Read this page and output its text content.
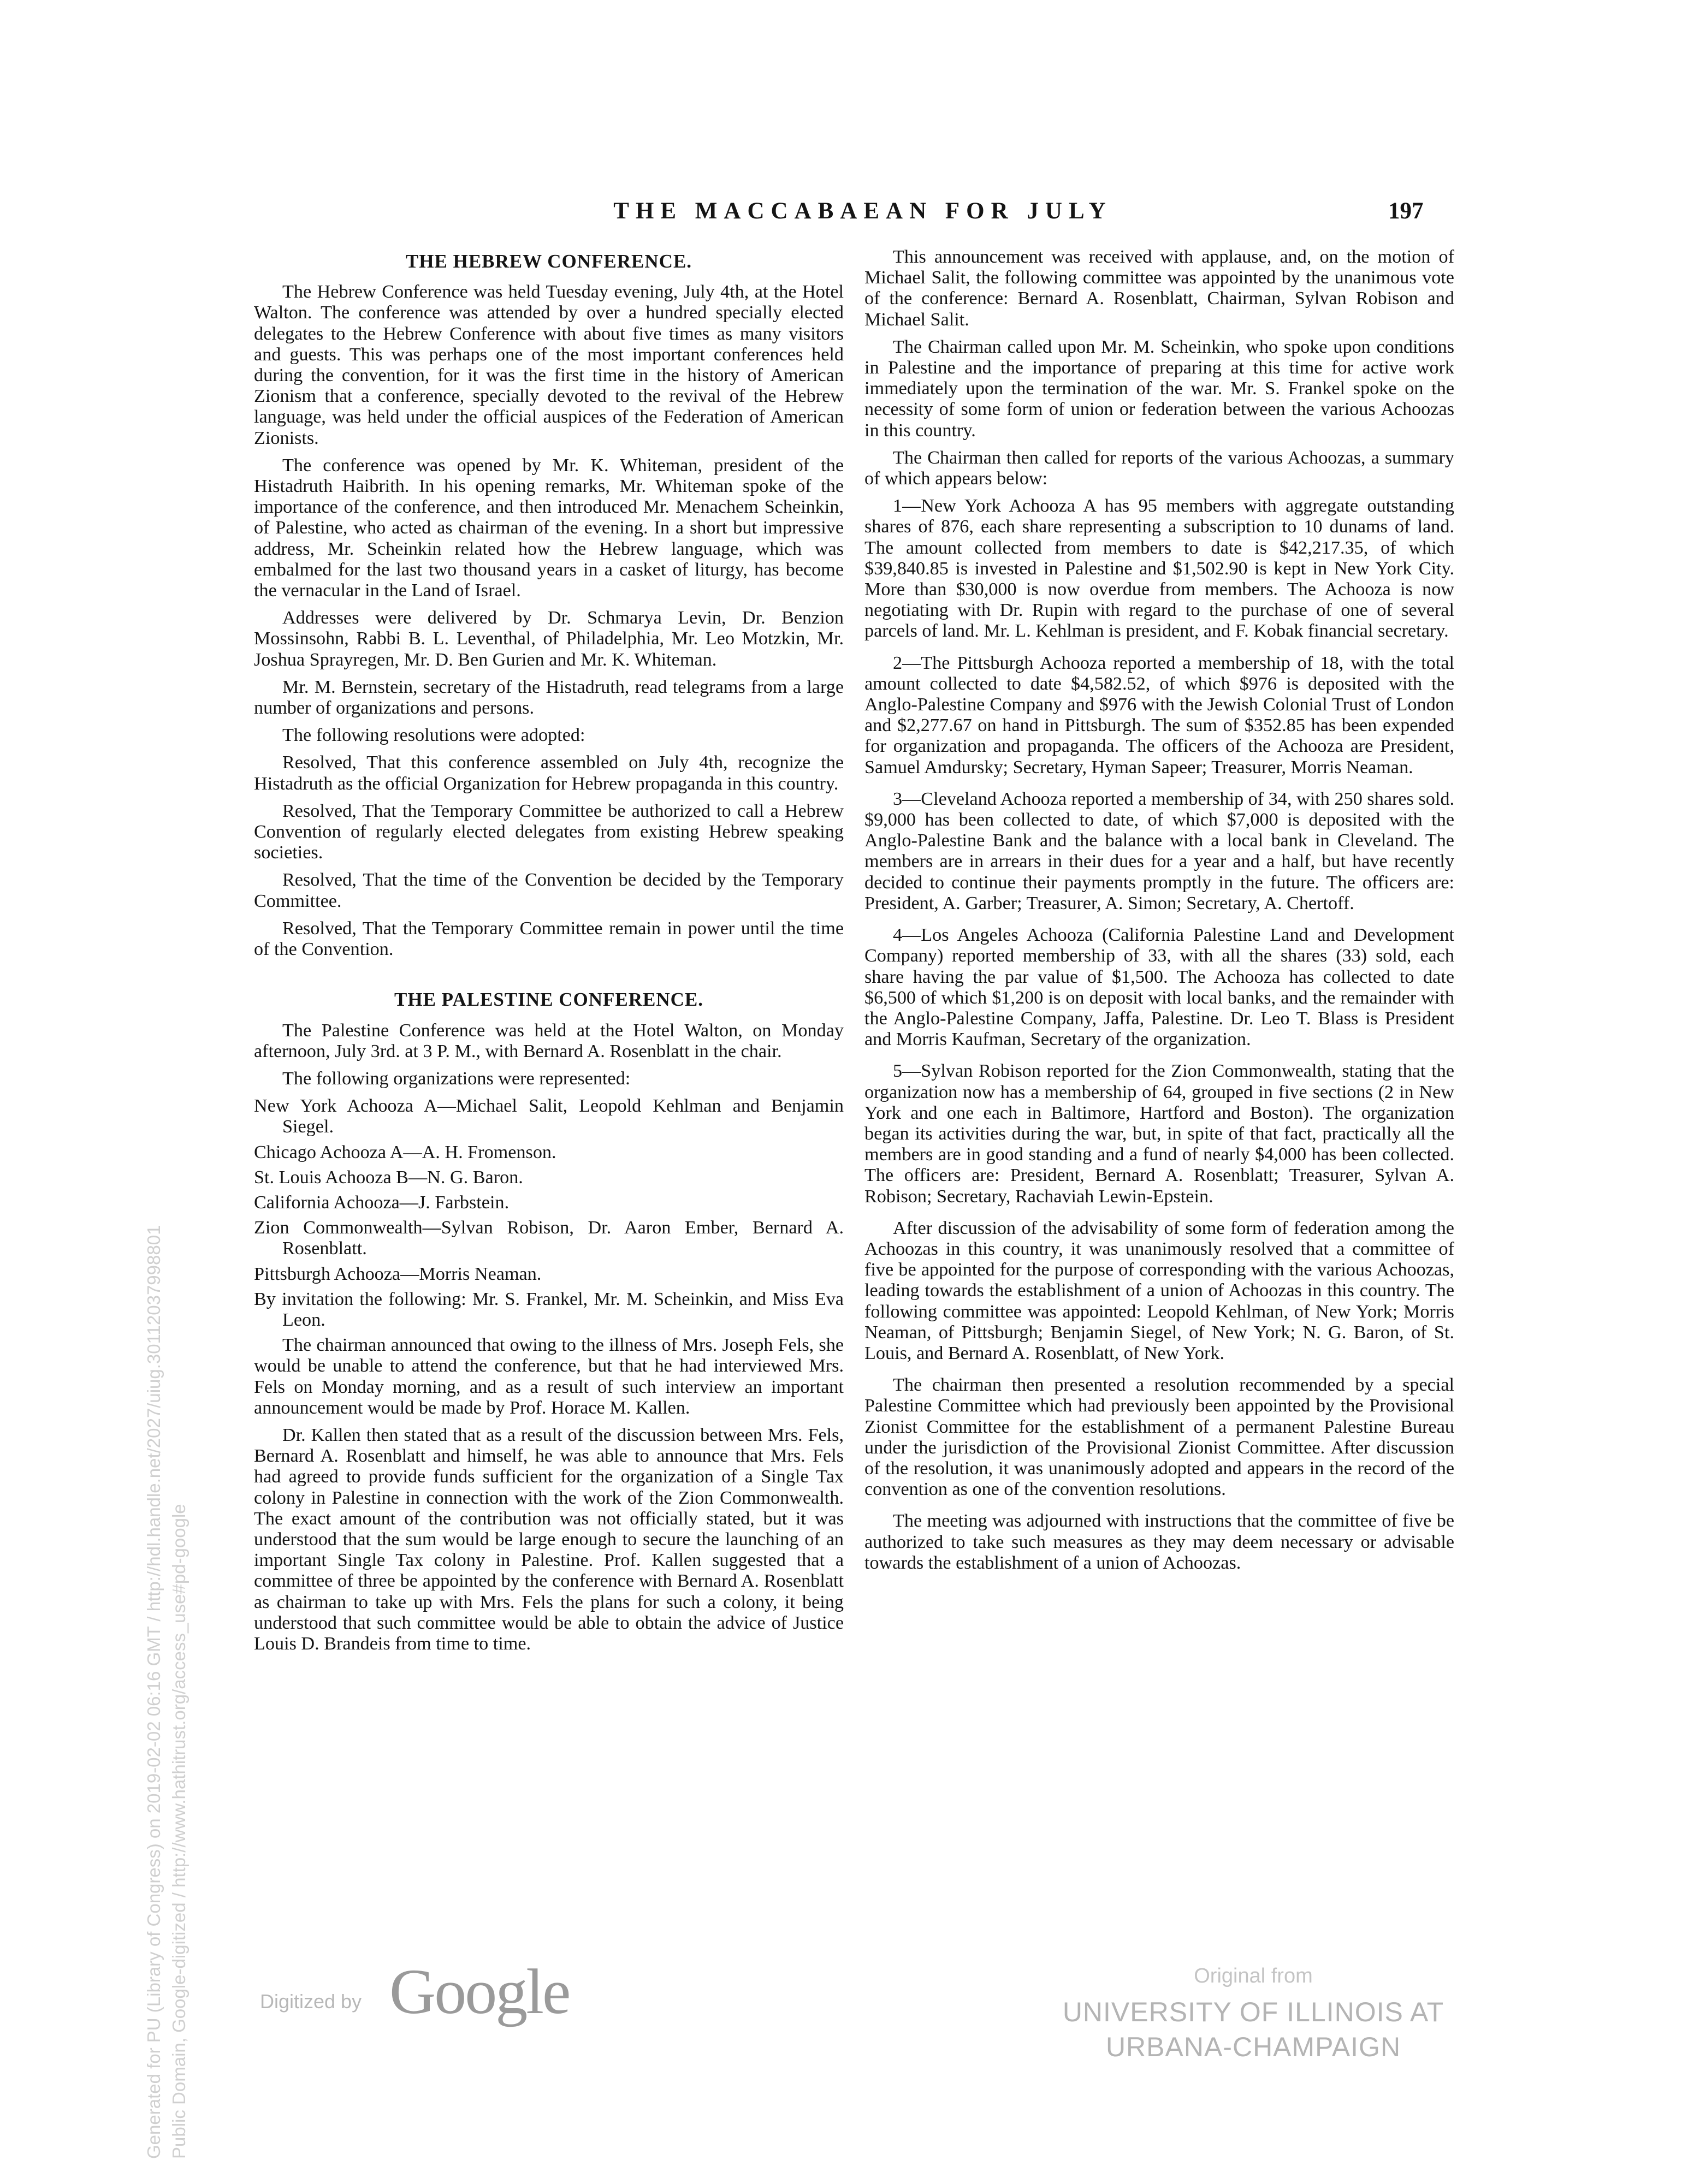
THE MACCABAEAN FOR JULY	197
THE HEBREW CONFERENCE.

The Hebrew Conference was held Tuesday evening, July 4th, at the Hotel Walton. The conference was attended by over a hundred specially elected delegates to the Hebrew Conference with about five times as many visitors and guests. This was perhaps one of the most important conferences held during the convention, for it was the first time in the history of American Zionism that a conference, specially devoted to the revival of the Hebrew language, was held under the official auspices of the Federation of American Zionists.

The conference was opened by Mr. K. Whiteman, president of the Histadruth Haibrith. In his opening remarks, Mr. Whiteman spoke of the importance of the conference, and then introduced Mr. Menachem Scheinkin, of Palestine, who acted as chairman of the evening. In a short but impressive address, Mr. Scheinkin related how the Hebrew language, which was embalmed for the last two thousand years in a casket of liturgy, has become the vernacular in the Land of Israel.

Addresses were delivered by Dr. Schmarya Levin, Dr. Benzion Mossinsohn, Rabbi B. L. Leventhal, of Philadelphia, Mr. Leo Motzkin, Mr. Joshua Sprayregen, Mr. D. Ben Gurien and Mr. K. Whiteman.

Mr. M. Bernstein, secretary of the Histadruth, read telegrams from a large number of organizations and persons.

The following resolutions were adopted:

Resolved, That this conference assembled on July 4th, recognize the Histadruth as the official Organization for Hebrew propaganda in this country.

Resolved, That the Temporary Committee be authorized to call a Hebrew Convention of regularly elected delegates from existing Hebrew speaking societies.

Resolved, That the time of the Convention be decided by the Temporary Committee.

Resolved, That the Temporary Committee remain in power until the time of the Convention.

THE PALESTINE CONFERENCE.

The Palestine Conference was held at the Hotel Walton, on Monday afternoon, July 3rd. at 3 P. M., with Bernard A. Rosenblatt in the chair.

The following organizations were represented:

New York Achooza A—Michael Salit, Leopold Kehlman and Benjamin Siegel.
Chicago Achooza A—A. H. Fromenson.
St. Louis Achooza B—N. G. Baron.
California Achooza—J. Farbstein.
Zion Commonwealth—Sylvan Robison, Dr. Aaron Ember, Bernard A. Rosenblatt.
Pittsburgh Achooza—Morris Neaman.
By invitation the following: Mr. S. Frankel, Mr. M. Scheinkin, and Miss Eva Leon.

The chairman announced that owing to the illness of Mrs. Joseph Fels, she would be unable to attend the conference, but that he had interviewed Mrs. Fels on Monday morning, and as a result of such interview an important announcement would be made by Prof. Horace M. Kallen.

Dr. Kallen then stated that as a result of the discussion between Mrs. Fels, Bernard A. Rosenblatt and himself, he was able to announce that Mrs. Fels had agreed to provide funds sufficient for the organization of a Single Tax colony in Palestine in connection with the work of the Zion Commonwealth. The exact amount of the contribution was not officially stated, but it was understood that the sum would be large enough to secure the launching of an important Single Tax colony in Palestine. Prof. Kallen suggested that a committee of three be appointed by the conference with Bernard A. Rosenblatt as chairman to take up with Mrs. Fels the plans for such a colony, it being understood that such committee would be able to obtain the advice of Justice Louis D. Brandeis from time to time.

This announcement was received with applause, and, on the motion of Michael Salit, the following committee was appointed by the unanimous vote of the conference: Bernard A. Rosenblatt, Chairman, Sylvan Robison and Michael Salit.

The Chairman called upon Mr. M. Scheinkin, who spoke upon conditions in Palestine and the importance of preparing at this time for active work immediately upon the termination of the war. Mr. S. Frankel spoke on the necessity of some form of union or federation between the various Achoozas in this country.

The Chairman then called for reports of the various Achoozas, a summary of which appears below:

1—New York Achooza A has 95 members with aggregate outstanding shares of 876, each share representing a subscription to 10 dunams of land. The amount collected from members to date is $42,217.35, of which $39,840.85 is invested in Palestine and $1,502.90 is kept in New York City. More than $30,000 is now overdue from members. The Achooza is now negotiating with Dr. Rupin with regard to the purchase of one of several parcels of land. Mr. L. Kehlman is president, and F. Kobak financial secretary.

2—The Pittsburgh Achooza reported a membership of 18, with the total amount collected to date $4,582.52, of which $976 is deposited with the Anglo-Palestine Company and $976 with the Jewish Colonial Trust of London and $2,277.67 on hand in Pittsburgh. The sum of $352.85 has been expended for organization and propaganda. The officers of the Achooza are President, Samuel Amdursky; Secretary, Hyman Sapeer; Treasurer, Morris Neaman.

3—Cleveland Achooza reported a membership of 34, with 250 shares sold. $9,000 has been collected to date, of which $7,000 is deposited with the Anglo-Palestine Bank and the balance with a local bank in Cleveland. The members are in arrears in their dues for a year and a half, but have recently decided to continue their payments promptly in the future. The officers are: President, A. Garber; Treasurer, A. Simon; Secretary, A. Chertoff.

4—Los Angeles Achooza (California Palestine Land and Development Company) reported membership of 33, with all the shares (33) sold, each share having the par value of $1,500. The Achooza has collected to date $6,500 of which $1,200 is on deposit with local banks, and the remainder with the Anglo-Palestine Company, Jaffa, Palestine. Dr. Leo T. Blass is President and Morris Kaufman, Secretary of the organization.

5—Sylvan Robison reported for the Zion Commonwealth, stating that the organization now has a membership of 64, grouped in five sections (2 in New York and one each in Baltimore, Hartford and Boston). The organization began its activities during the war, but, in spite of that fact, practically all the members are in good standing and a fund of nearly $4,000 has been collected. The officers are: President, Bernard A. Rosenblatt; Treasurer, Sylvan A. Robison; Secretary, Rachaviah Lewin-Epstein.

After discussion of the advisability of some form of federation among the Achoozas in this country, it was unanimously resolved that a committee of five be appointed for the purpose of corresponding with the various Achoozas, leading towards the establishment of a union of Achoozas in this country. The following committee was appointed: Leopold Kehlman, of New York; Morris Neaman, of Pittsburgh; Benjamin Siegel, of New York; N. G. Baron, of St. Louis, and Bernard A. Rosenblatt, of New York.

The chairman then presented a resolution recommended by a special Palestine Committee which had previously been appointed by the Provisional Zionist Committee for the establishment of a permanent Palestine Bureau under the jurisdiction of the Provisional Zionist Committee. After discussion of the resolution, it was unanimously adopted and appears in the record of the convention as one of the convention resolutions.

The meeting was adjourned with instructions that the committee of five be authorized to take such measures as they may deem necessary or advisable towards the establishment of a union of Achoozas.

Generated for PU (Library of Congress) on 2019-02-02 06:16 GMT / http://hdl.handle.net/2027/uiug.30112037998801 Public Domain, Google-digitized / http://www.hathitrust.org/access_use#pd-google	Digitized by Google	Original from
UNIVERSITY OF ILLINOIS AT
URBANA-CHAMPAIGN
